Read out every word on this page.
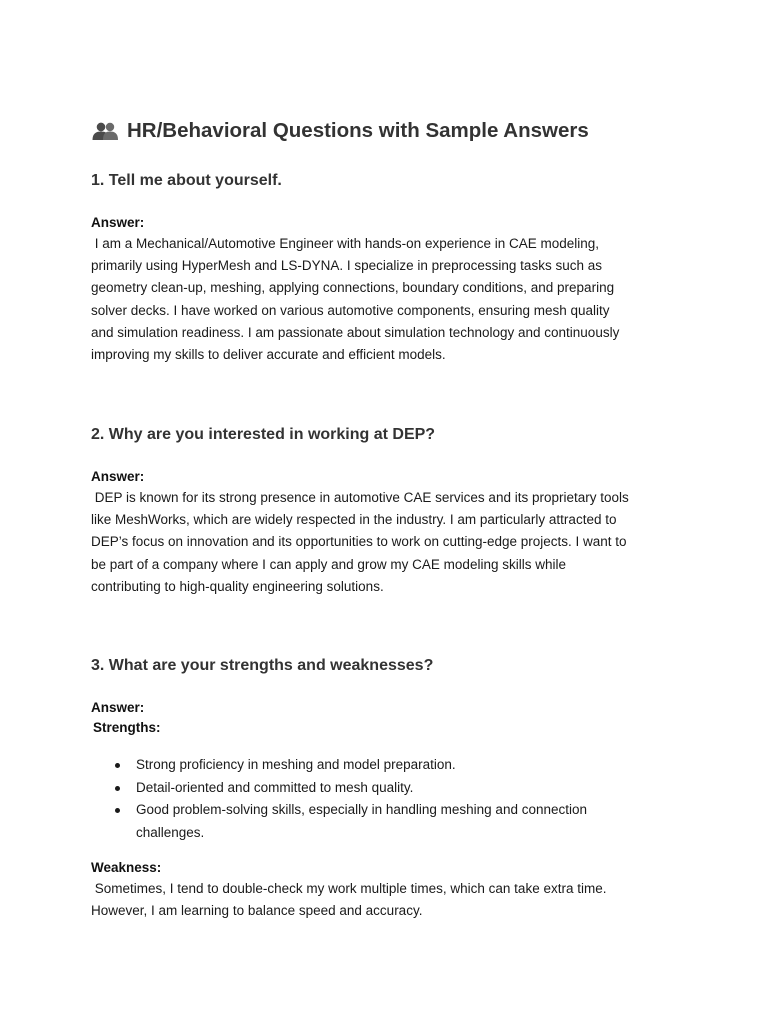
HR/Behavioral Questions with Sample Answers
1. Tell me about yourself.

Answer:

I am a Mechanical/Automotive Engineer with hands-on experience in CAE modeling,

primarily using HyperMesh and LS-DYNA. I specialize in preprocessing tasks such as

geometry clean-up, meshing, applying connections, boundary conditions, and preparing

solver decks. I have worked on various automotive components, ensuring mesh quality

and simulation readiness. I am passionate about simulation technology and continuously

improving my skills to deliver accurate and efficient models.

2. Why are you interested in working at DEP?

Answer:

DEP is known for its strong presence in automotive CAE services and its proprietary tools

like MeshWorks, which are widely respected in the industry. I am particularly attracted to

DEP’s focus on innovation and its opportunities to work on cutting-edge projects. I want to

be part of a company where I can apply and grow my CAE modeling skills while

contributing to high-quality engineering solutions.

3. What are your strengths and weaknesses?

Answer:

Strengths:

Strong proficiency in meshing and model preparation.
Detail-oriented and committed to mesh quality.
Good problem-solving skills, especially in handling meshing and connection
challenges.

Weakness:

Sometimes, I tend to double-check my work multiple times, which can take extra time.

However, I am learning to balance speed and accuracy.
